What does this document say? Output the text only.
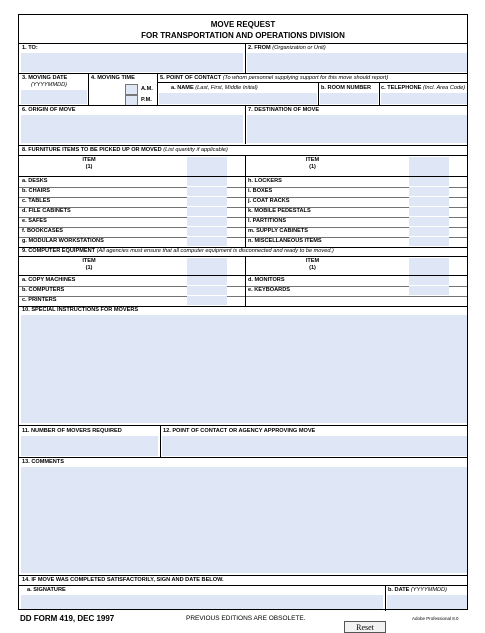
MOVE REQUEST
FOR TRANSPORTATION AND OPERATIONS DIVISION
1. TO:	2. FROM (Organization or Unit)
3. MOVING DATE
(YYYYMMDD)
4. MOVING TIME
A.M.
P.M.
5. POINT OF CONTACT (To whom personnel supplying support for this move should report)
a. NAME (Last, First, Middle Initial)	b. ROOM NUMBER c. TELEPHONE (Incl. Area Code)
6. ORIGIN OF MOVE	7. DESTINATION OF MOVE
8. FURNITURE ITEMS TO BE PICKED UP OR MOVED (List quantity if applicable)
ITEM
(1)
ITEM
(1)
9. COMPUTER EQUIPMENT (All agencies must ensure that all computer equipment is disconnected and ready to be moved.)
ITEM
(1)
ITEM
(1)
10. SPECIAL INSTRUCTIONS FOR MOVERS
11. NUMBER OF MOVERS REQUIRED	12. POINT OF CONTACT OR AGENCY APPROVING MOVE
13. COMMENTS
14. IF MOVE WAS COMPLETED SATISFACTORILY, SIGN AND DATE BELOW.
a. SIGNATURE	b. DATE (YYYYMMDD)
a. DESKS	h. LOCKERS
b. CHAIRS	i. BOXES
c. TABLES	j. COAT RACKS
d. FILE CABINETS	k. MOBILE PEDESTALS
e. SAFES	l. PARTITIONS
f. BOOKCASES	m. SUPPLY CABINETS
g. MODULAR WORKSTATIONS	n. MISCELLANEOUS ITEMS
a. COPY MACHINES	d. MONITORS
b. COMPUTERS	e. KEYBOARDS
c. PRINTERS
DD FORM 419, DEC 1997	PREVIOUS EDITIONS ARE OBSOLETE.	Adobe Professional 8.0
Reset
